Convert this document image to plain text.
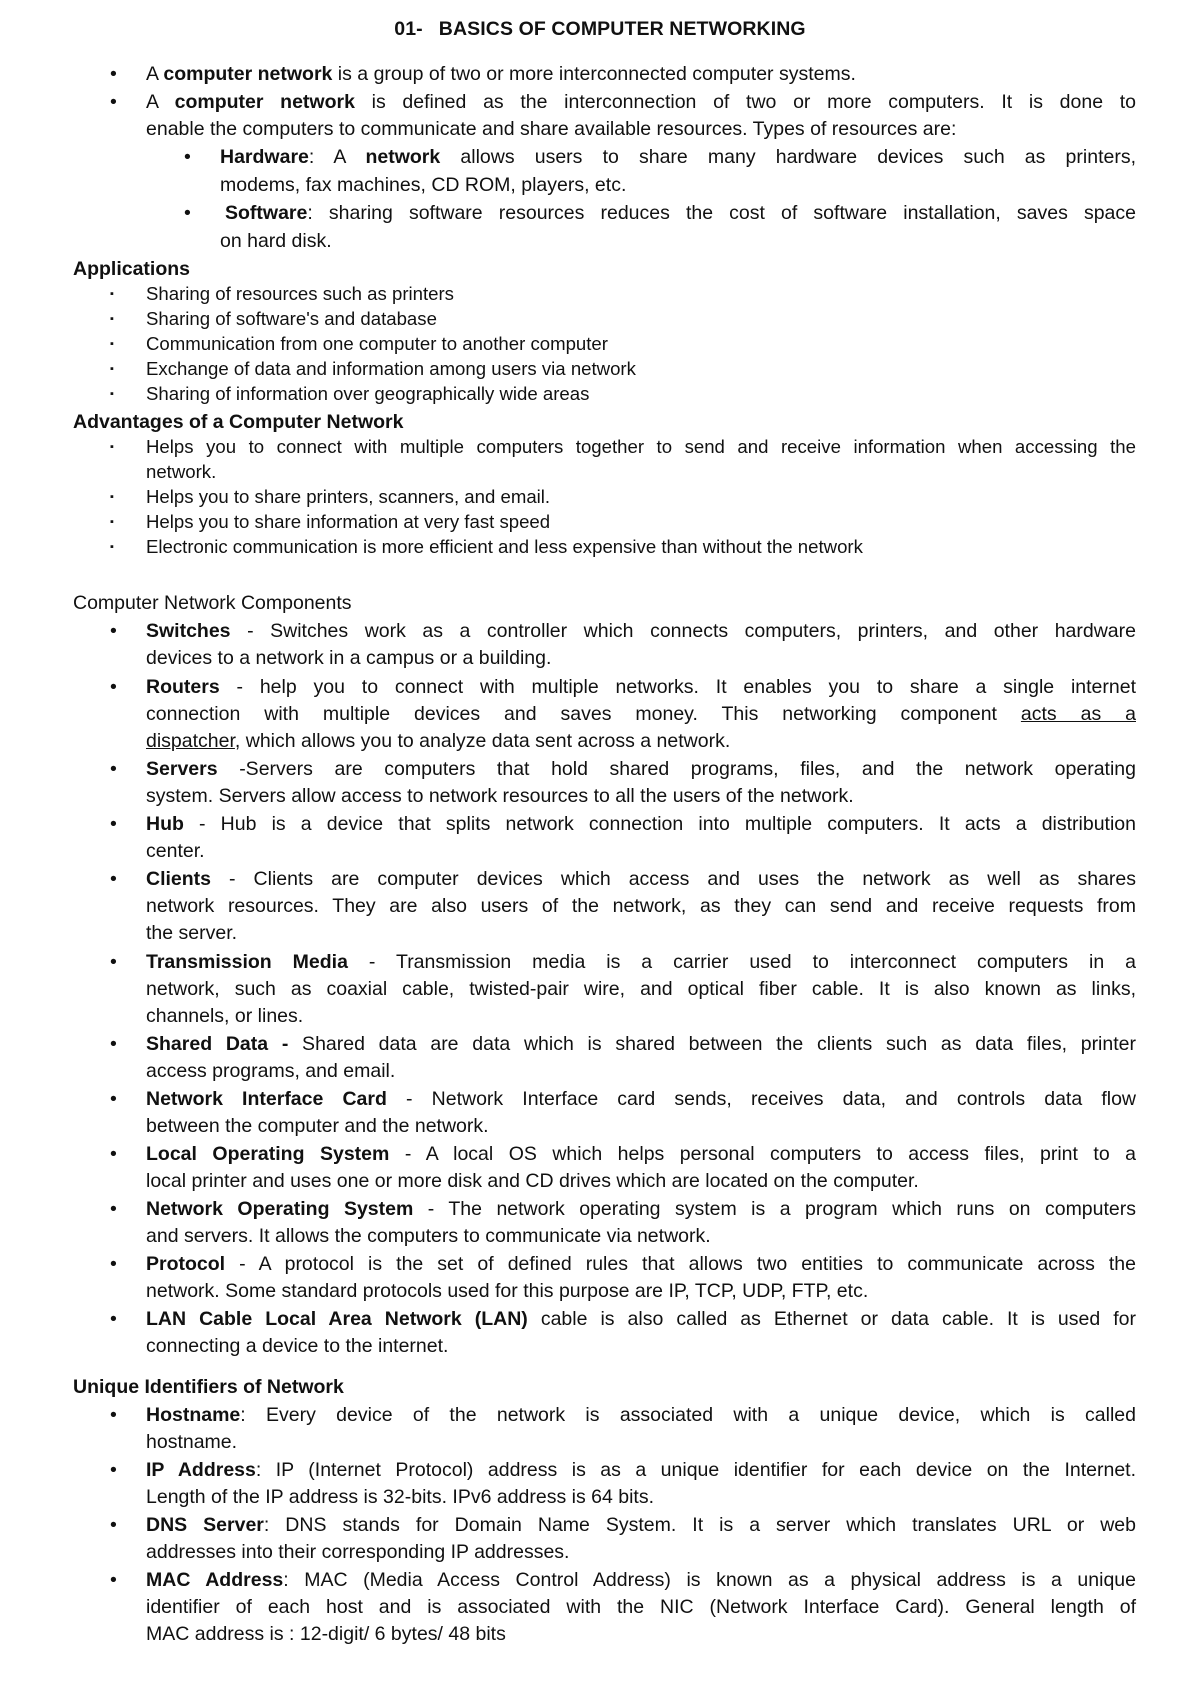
01- BASICS OF COMPUTER NETWORKING
• A computer network is a group of two or more interconnected computer systems.
• A computer network is defined as the interconnection of two or more computers. It is done to
enable the computers to communicate and share available resources. Types of resources are:
• Hardware: A network allows users to share many hardware devices such as printers,
modems, fax machines, CD ROM, players, etc.
• Software: sharing software resources reduces the cost of software installation, saves space
on hard disk.
Applications
▪ Sharing of resources such as printers
▪ Sharing of software's and database
▪ Communication from one computer to another computer
▪ Exchange of data and information among users via network
▪ Sharing of information over geographically wide areas
Advantages of a Computer Network
▪ Helps you to connect with multiple computers together to send and receive information when accessing the
network.
▪ Helps you to share printers, scanners, and email.
▪ Helps you to share information at very fast speed
▪ Electronic communication is more efficient and less expensive than without the network
Computer Network Components
• Switches - Switches work as a controller which connects computers, printers, and other hardware
devices to a network in a campus or a building.
• Routers - help you to connect with multiple networks. It enables you to share a single internet
connection with multiple devices and saves money. This networking component acts as a
dispatcher, which allows you to analyze data sent across a network.
• Servers -Servers are computers that hold shared programs, files, and the network operating
system. Servers allow access to network resources to all the users of the network.
• Hub - Hub is a device that splits network connection into multiple computers. It acts a distribution
center.
• Clients - Clients are computer devices which access and uses the network as well as shares
network resources. They are also users of the network, as they can send and receive requests from
the server.
• Transmission Media - Transmission media is a carrier used to interconnect computers in a
network, such as coaxial cable, twisted-pair wire, and optical fiber cable. It is also known as links,
channels, or lines.
• Shared Data - Shared data are data which is shared between the clients such as data files, printer
access programs, and email.
• Network Interface Card - Network Interface card sends, receives data, and controls data flow
between the computer and the network.
• Local Operating System - A local OS which helps personal computers to access files, print to a
local printer and uses one or more disk and CD drives which are located on the computer.
• Network Operating System - The network operating system is a program which runs on computers
and servers. It allows the computers to communicate via network.
• Protocol - A protocol is the set of defined rules that allows two entities to communicate across the
network. Some standard protocols used for this purpose are IP, TCP, UDP, FTP, etc.
• LAN Cable Local Area Network (LAN) cable is also called as Ethernet or data cable. It is used for
connecting a device to the internet.
Unique Identifiers of Network
• Hostname: Every device of the network is associated with a unique device, which is called
hostname.
• IP Address: IP (Internet Protocol) address is as a unique identifier for each device on the Internet.
Length of the IP address is 32-bits. IPv6 address is 64 bits.
• DNS Server: DNS stands for Domain Name System. It is a server which translates URL or web
addresses into their corresponding IP addresses.
• MAC Address: MAC (Media Access Control Address) is known as a physical address is a unique
identifier of each host and is associated with the NIC (Network Interface Card). General length of
MAC address is : 12-digit/ 6 bytes/ 48 bits
